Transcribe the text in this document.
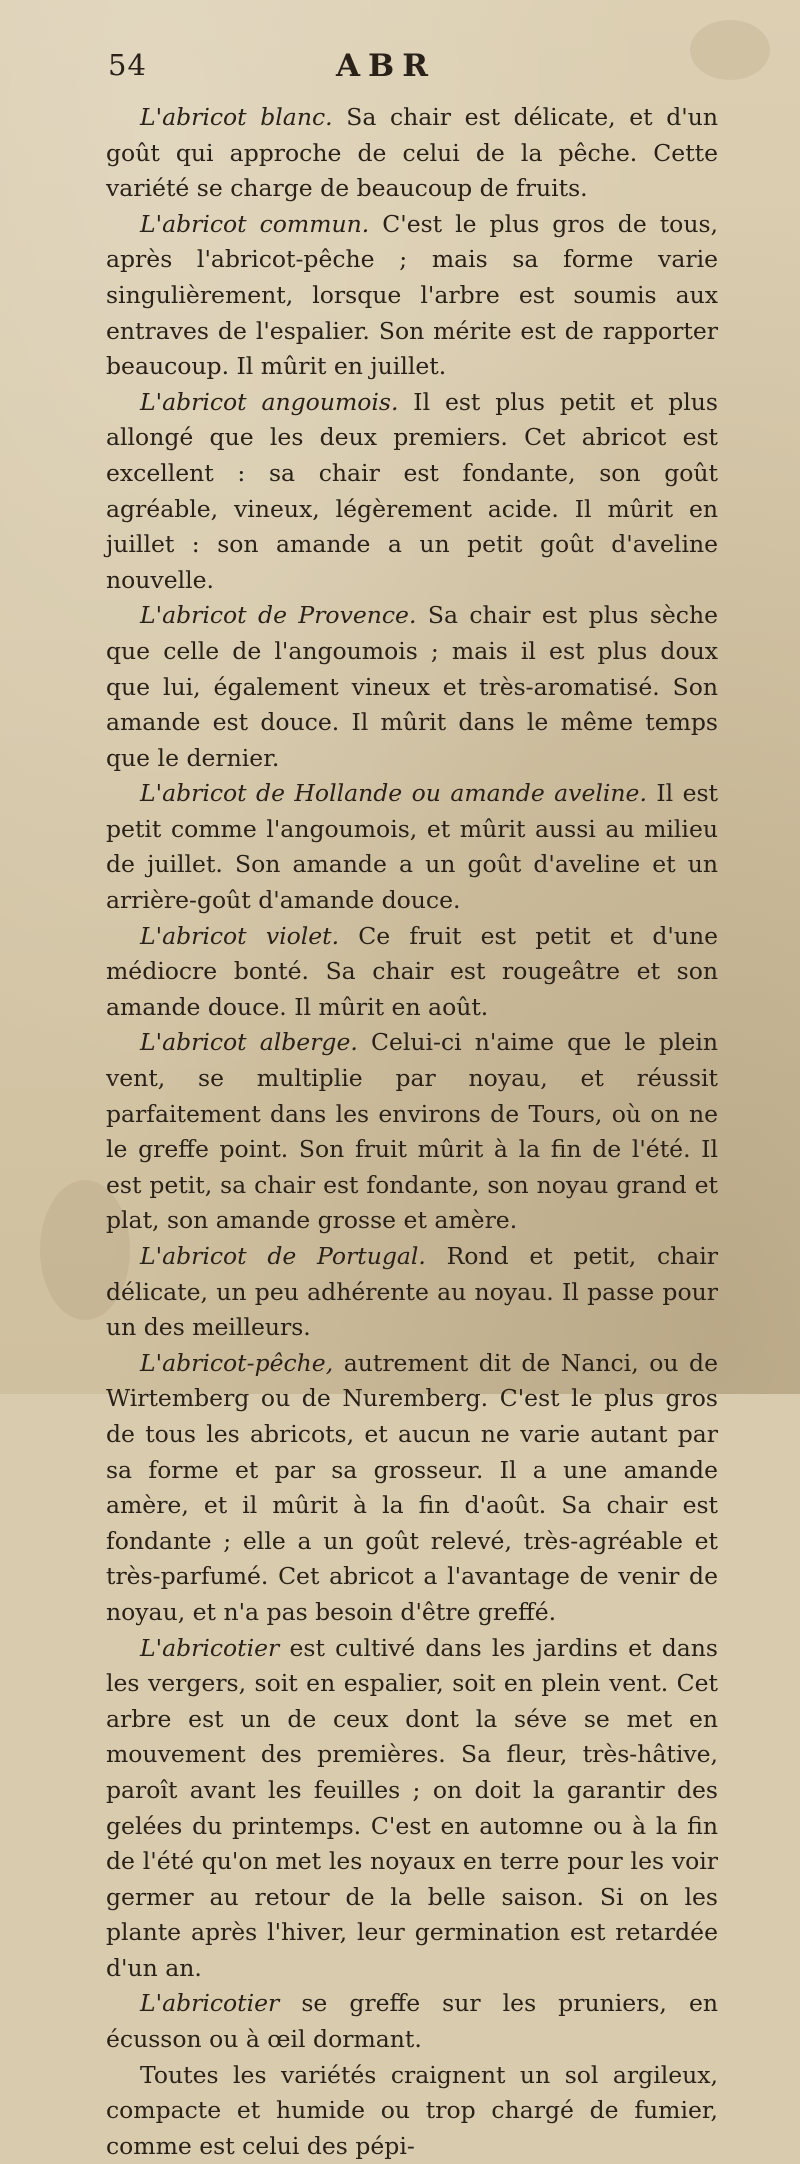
54	ABR

L'abricot blanc. Sa chair est délicate, et d'un goût qui approche de celui de la pêche. Cette variété se charge de beaucoup de fruits.

L'abricot commun. C'est le plus gros de tous, après l'abricot-pêche ; mais sa forme varie singulièrement, lorsque l'arbre est soumis aux entraves de l'espalier. Son mérite est de rapporter beaucoup. Il mûrit en juillet.

L'abricot angoumois. Il est plus petit et plus allongé que les deux premiers. Cet abricot est excellent : sa chair est fondante, son goût agréable, vineux, légèrement acide. Il mûrit en juillet : son amande a un petit goût d'aveline nouvelle.

L'abricot de Provence. Sa chair est plus sèche que celle de l'angoumois ; mais il est plus doux que lui, également vineux et très-aromatisé. Son amande est douce. Il mûrit dans le même temps que le dernier.

L'abricot de Hollande ou amande aveline. Il est petit comme l'angoumois, et mûrit aussi au milieu de juillet. Son amande a un goût d'aveline et un arrière-goût d'amande douce.

L'abricot violet. Ce fruit est petit et d'une médiocre bonté. Sa chair est rougeâtre et son amande douce. Il mûrit en août.

L'abricot alberge. Celui-ci n'aime que le plein vent, se multiplie par noyau, et réussit parfaitement dans les environs de Tours, où on ne le greffe point. Son fruit mûrit à la fin de l'été. Il est petit, sa chair est fondante, son noyau grand et plat, son amande grosse et amère.

L'abricot de Portugal. Rond et petit, chair délicate, un peu adhérente au noyau. Il passe pour un des meilleurs.

L'abricot-pêche, autrement dit de Nanci, ou de Wirtemberg ou de Nuremberg. C'est le plus gros de tous les abricots, et aucun ne varie autant par sa forme et par sa grosseur. Il a une amande amère, et il mûrit à la fin d'août. Sa chair est fondante ; elle a un goût relevé, très-agréable et très-parfumé. Cet abricot a l'avantage de venir de noyau, et n'a pas besoin d'être greffé.

L'abricotier est cultivé dans les jardins et dans les vergers, soit en espalier, soit en plein vent. Cet arbre est un de ceux dont la séve se met en mouvement des premières. Sa fleur, très-hâtive, paroît avant les feuilles ; on doit la garantir des gelées du printemps. C'est en automne ou à la fin de l'été qu'on met les noyaux en terre pour les voir germer au retour de la belle saison. Si on les plante après l'hiver, leur germination est retardée d'un an.

L'abricotier se greffe sur les pruniers, en écusson ou à œil dormant.

Toutes les variétés craignent un sol argileux, compacte et humide ou trop chargé de fumier, comme est celui des pépi-
